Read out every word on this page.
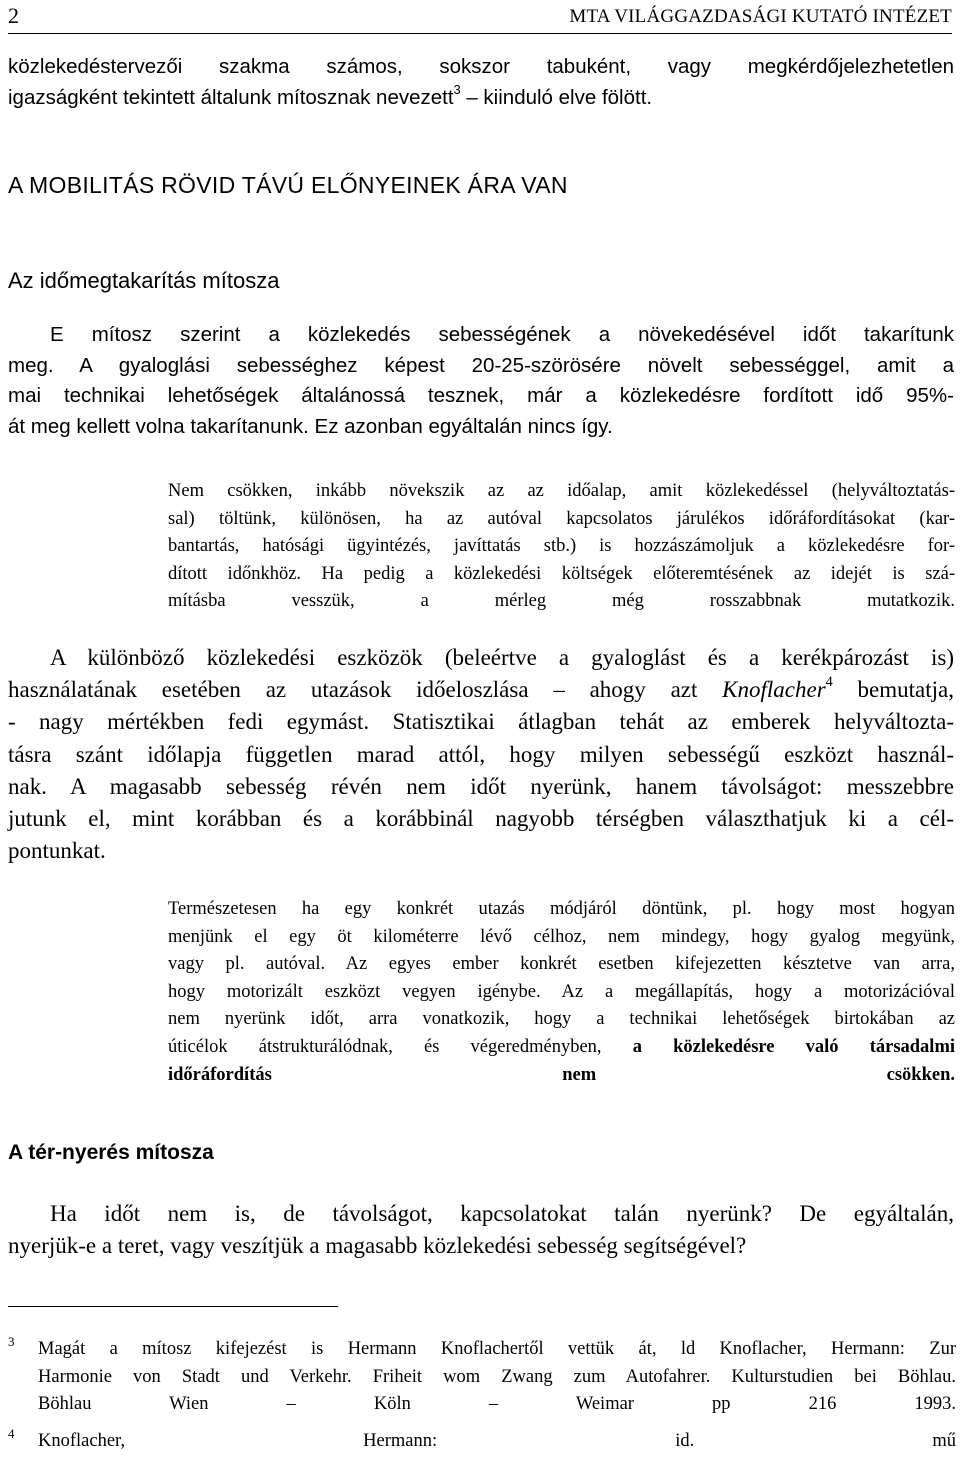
2	MTA VILÁGGAZDASÁGI KUTATÓ INTÉZET
közlekedéstervezői szakma számos, sokszor tabuként, vagy megkérdőjelezhetetlen
igazságként tekintett általunk mítosznak nevezett$^3$ – kiinduló elve fölött.
A MOBILITÁS RÖVID TÁVÚ ELŐNYEINEK ÁRA VAN
Az időmegtakarítás mítosza
E mítosz szerint a közlekedés sebességének a növekedésével időt takarítunk
meg. A gyaloglási sebességhez képest 20-25-szörösére növelt sebességgel, amit a
mai technikai lehetőségek általánossá tesznek, már a közlekedésre fordított idő 95%-
át meg kellett volna takarítanunk. Ez azonban egyáltalán nincs így.
Nem csökken, inkább növekszik az az időalap, amit közlekedéssel (helyváltoztatás-
sal) töltünk, különösen, ha az autóval kapcsolatos járulékos időráfordításokat (kar-
bantartás, hatósági ügyintézés, javíttatás stb.) is hozzászámoljuk a közlekedésre for-
dított időnkhöz. Ha pedig a közlekedési költségek előteremtésének az idejét is szá-
mításba vesszük, a mérleg még rosszabbnak mutatkozik.
A különböző közlekedési eszközök (beleértve a gyaloglást és a kerékpározást is)
használatának esetében az utazások időeloszlása – ahogy azt Knoflacher$^4$ bemutatja,
- nagy mértékben fedi egymást. Statisztikai átlagban tehát az emberek helyváltozta-
tásra szánt időlapja független marad attól, hogy milyen sebességű eszközt használ-
nak. A magasabb sebesség révén nem időt nyerünk, hanem távolságot: messzebbre
jutunk el, mint korábban és a korábbinál nagyobb térségben választhatjuk ki a cél-
pontunkat.
Természetesen ha egy konkrét utazás módjáról döntünk, pl. hogy most hogyan
menjünk el egy öt kilométerre lévő célhoz, nem mindegy, hogy gyalog megyünk,
vagy pl. autóval. Az egyes ember konkrét esetben kifejezetten késztetve van arra,
hogy motorizált eszközt vegyen igénybe. Az a megállapítás, hogy a motorizációval
nem nyerünk időt, arra vonatkozik, hogy a technikai lehetőségek birtokában az
úticélok átstrukturálódnak, és végeredményben, a közlekedésre való társadalmi
időráfordítás nem csökken.
A tér-nyerés mítosza
Ha időt nem is, de távolságot, kapcsolatokat talán nyerünk? De egyáltalán,
nyerjük-e a teret, vagy veszítjük a magasabb közlekedési sebesség segítségével?
3 Magát a mítosz kifejezést is Hermann Knoflachertől vettük át, ld Knoflacher, Hermann: Zur
Harmonie von Stadt und Verkehr. Friheit wom Zwang zum Autofahrer. Kulturstudien bei Böhlau.
Böhlau Wien – Köln – Weimar pp 216 1993.
4 Knoflacher, Hermann: id. mű
